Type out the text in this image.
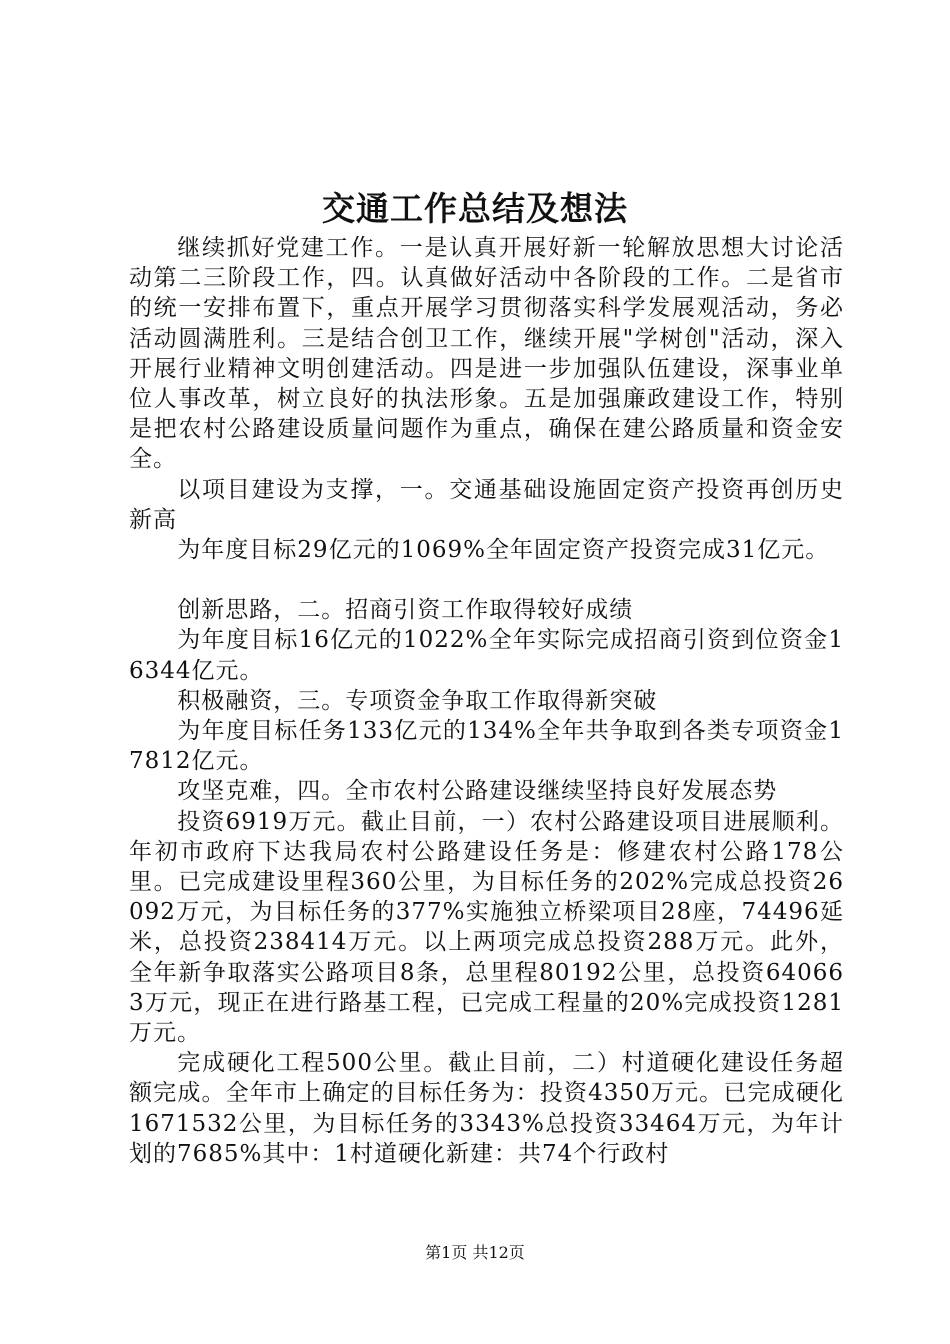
交通工作总结及想法

继续抓好党建工作。一是认真开展好新一轮解放思想大讨论活动第二三阶段工作，四。认真做好活动中各阶段的工作。二是省市的统一安排布置下，重点开展学习贯彻落实科学发展观活动，务必活动圆满胜利。三是结合创卫工作，继续开展"学树创"活动，深入开展行业精神文明创建活动。四是进一步加强队伍建设，深事业单位人事改革，树立良好的执法形象。五是加强廉政建设工作，特别是把农村公路建设质量问题作为重点，确保在建公路质量和资金安全。

以项目建设为支撑，一。交通基础设施固定资产投资再创历史新高

为年度目标29亿元的1069%全年固定资产投资完成31亿元。

创新思路，二。招商引资工作取得较好成绩

为年度目标16亿元的1022%全年实际完成招商引资到位资金16344亿元。

积极融资，三。专项资金争取工作取得新突破

为年度目标任务133亿元的134%全年共争取到各类专项资金17812亿元。

攻坚克难，四。全市农村公路建设继续坚持良好发展态势

投资6919万元。截止目前，一）农村公路建设项目进展顺利。年初市政府下达我局农村公路建设任务是：修建农村公路178公里。已完成建设里程360公里，为目标任务的202%完成总投资26092万元，为目标任务的377%实施独立桥梁项目28座，74496延米，总投资238414万元。以上两项完成总投资288万元。此外，全年新争取落实公路项目8条，总里程80192公里，总投资640663万元，现正在进行路基工程，已完成工程量的20%完成投资1281万元。

完成硬化工程500公里。截止目前，二）村道硬化建设任务超额完成。全年市上确定的目标任务为：投资4350万元。已完成硬化1671532公里，为目标任务的3343%总投资33464万元，为年计划的7685%其中：1村道硬化新建：共74个行政村

第1页 共12页
